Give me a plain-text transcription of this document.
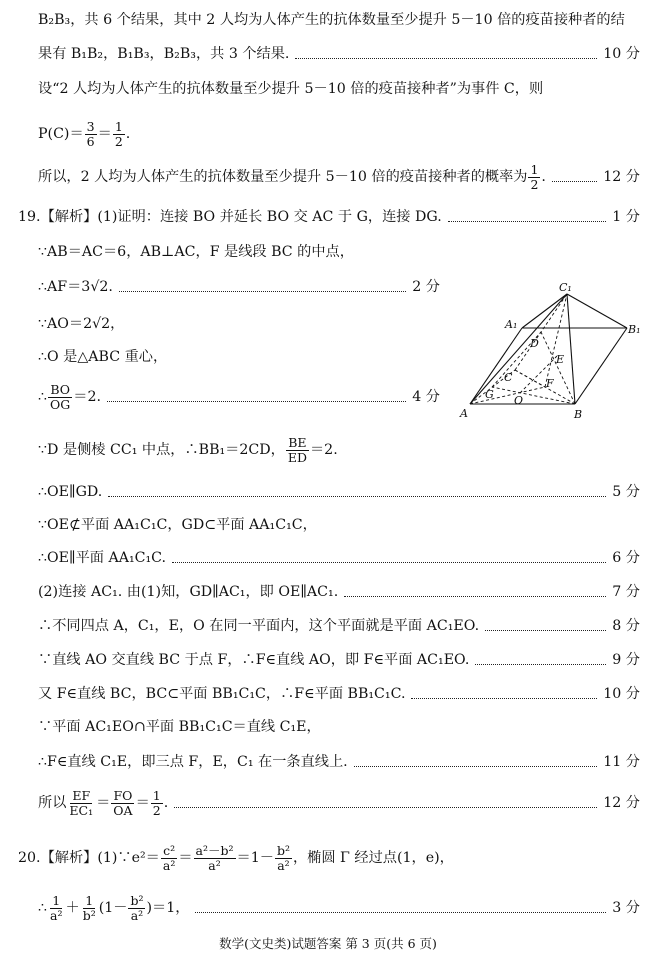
B₂B₃，共 6 个结果，其中 2 人均为人体产生的抗体数量至少提升 5－10 倍的疫苗接种者的结
果有 B₁B₂，B₁B₃，B₂B₃，共 3 个结果.	10 分
设“2 人均为人体产生的抗体数量至少提升 5－10 倍的疫苗接种者”为事件 C，则
$P(C)= \frac{3}{6} = \frac{1}{2}$ .
所以，2 人均为人体产生的抗体数量至少提升 5－10 倍的疫苗接种者的概率为 $\frac{1}{2}$ .	12 分
19.【解析】(1)证明：连接 BO 并延长 BO 交 AC 于 G，连接 DG.	1 分
∵AB＝AC＝6，AB⊥AC，F 是线段 BC 的中点，
∴AF＝3√2.	2 分
∵AO＝2√2，
∴O 是△ABC 重心，
∴ $\frac{BO}{OG} =2$.	4 分
∵D 是侧棱 CC₁ 中点，∴BB₁＝2CD， $\frac{BE}{ED} =2$.
∴OE∥GD.	5 分
∵OE⊄平面 AA₁C₁C，GD⊂平面 AA₁C₁C，
∴OE∥平面 AA₁C₁C.	6 分
(2)连接 AC₁. 由(1)知，GD∥AC₁，即 OE∥AC₁.	7 分
∴不同四点 A，C₁，E，O 在同一平面内，这个平面就是平面 AC₁EO.	8 分
∵直线 AO 交直线 BC 于点 F，∴F∈直线 AO，即 F∈平面 AC₁EO.	9 分
又 F∈直线 BC，BC⊂平面 BB₁C₁C，∴F∈平面 BB₁C₁C.	10 分
∵平面 AC₁EO∩平面 BB₁C₁C＝直线 C₁E，
∴F∈直线 C₁E，即三点 F，E，C₁ 在一条直线上.	11 分
所以 $\frac{EF}{\text{EC₁}} = \frac{FO}{OA} = \frac{1}{2}$ .	12 分
20.【解析】(1)∵e²＝ $\frac{\text{c²}}{\text{a²}} = \frac{\text{a²－b²}}{\text{a²}} =1- \frac{\text{b²}}{\text{a²}}$ ，椭圆 Γ 经过点(1，e)，
∴ $\frac{1}{\text{a²}} + \frac{1}{\text{b²}} (1- \frac{\text{b²}}{\text{a²}} )=1$，	3 分
A	B
C
D
E
F
G O
A₁	B₁
C₁
数学(文史类)试题答案 第 3 页(共 6 页)
